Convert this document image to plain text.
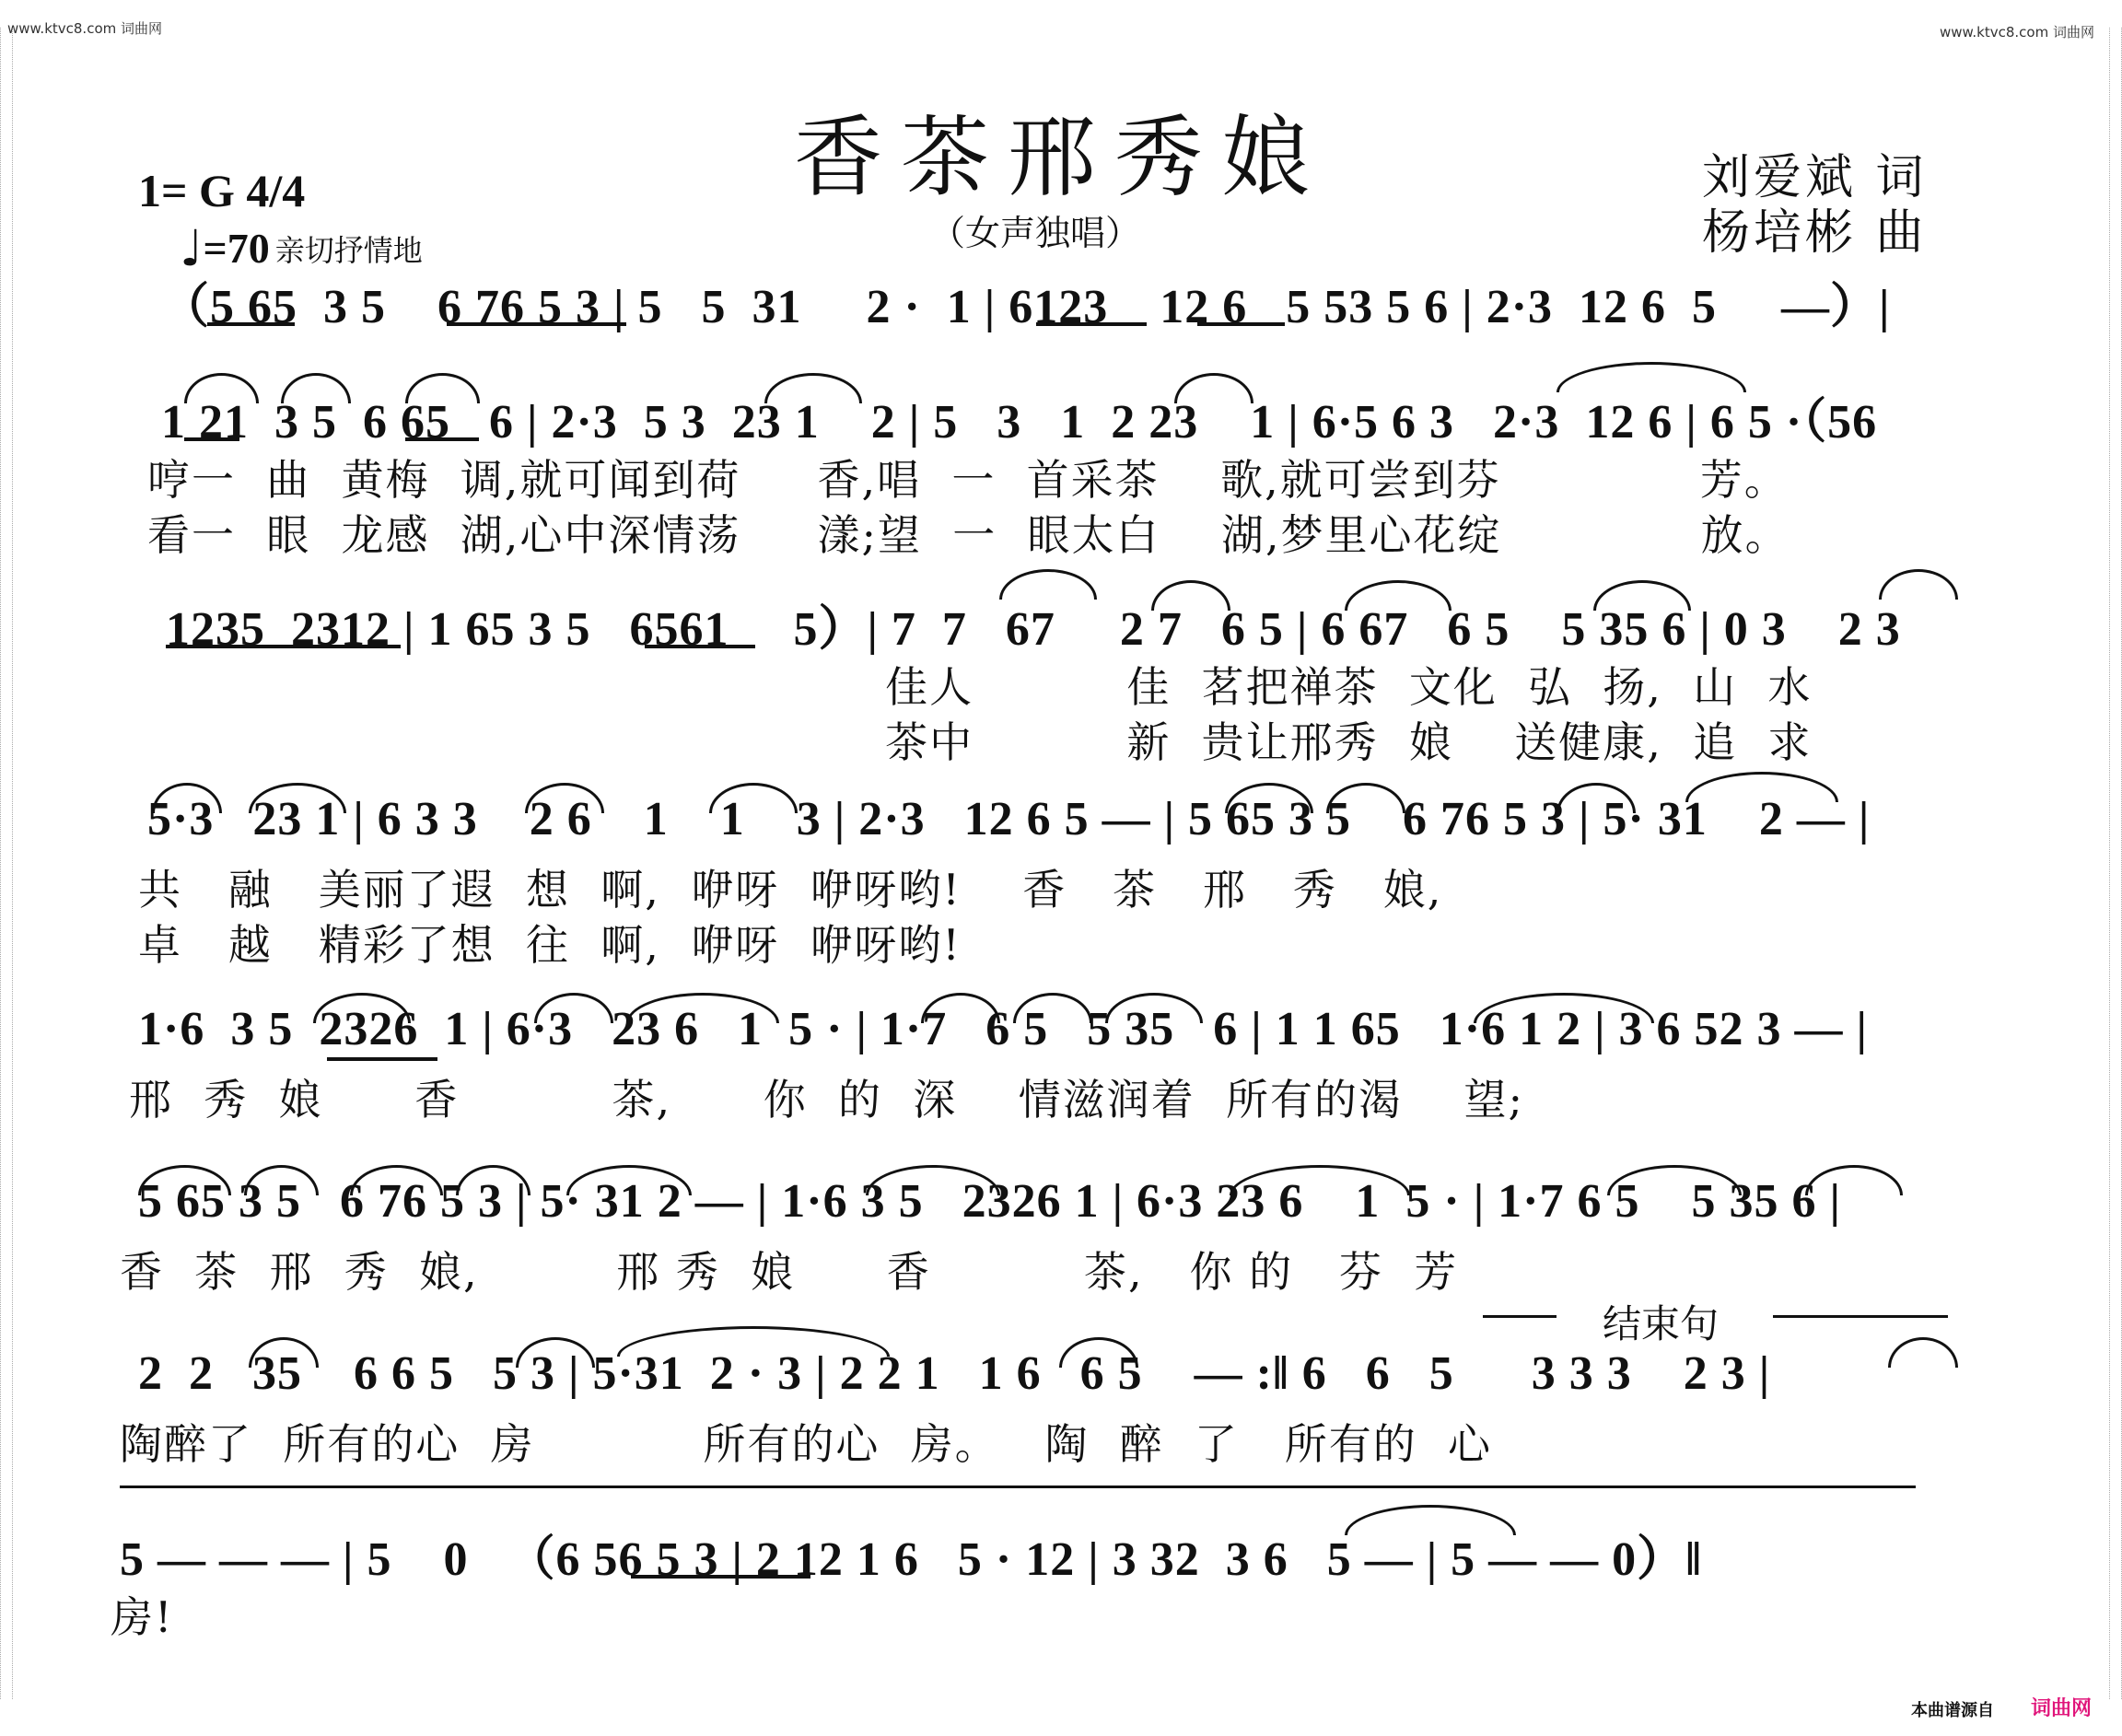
www.ktvc8.com 词曲网	www.ktvc8.com 词曲网
香茶邢秀娘
1= G 4/4
♩=70 亲切抒情地	（女声独唱）
刘爱斌 词
杨培彬 曲
（5 65  3 5    6 76 5 3 | 5   5  31     2 ·  1 | 6123    12 6   5 53 5 6 | 2·3  12 6  5     —）|
1 21  3 5  6 65   6 | 2·3  5 3  23 1    2 | 5   3   1  2 23    1 | 6·5 6 3   2·3  12 6 | 6 5 ·（56
哼一  曲  黄梅  调,就可闻到荷     香,唱  一  首采茶    歌,就可尝到芬             芳。
看一  眼  龙感  湖,心中深情荡     漾;望  一  眼太白    湖,梦里心花绽             放。
1235  2312 | 1 65 3 5   6561     5）| 7  7   67     2 7   6 5 | 6 67   6 5    5 35 6 | 0 3    2 3
佳人          佳  茗把禅茶  文化  弘  扬,  山  水
茶中          新  贵让邢秀  娘    送健康,  追  求
5·3   23 1 | 6 3 3    2 6    1    1    3 | 2·3   12 6 5 — | 5 65 3 5    6 76 5 3 | 5· 31    2 — |
共   融   美丽了遐  想  啊,  咿呀  咿呀哟!    香   茶   邢   秀   娘,
卓   越   精彩了想  往  啊,  咿呀  咿呀哟!
1·6  3 5  2326  1 | 6·3   23 6   1  5 · | 1·7   6 5   5 35   6 | 1 1 65   1·6 1 2 | 3 6 52 3 — |
邢  秀  娘      香          茶,      你  的  深    情滋润着  所有的渴    望;
5 65 3 5   6 76 5 3 | 5· 31 2 — | 1·6 3 5   2326 1 | 6·3 23 6    1  5 · | 1·7 6 5    5 35 6 |
香  茶  邢  秀  娘,         邢 秀  娘      香          茶,   你 的   芬  芳
结束句
2  2   35    6 6 5   5 3 | 5·31  2 · 3 | 2 2 1   1 6   6 5    — :‖ 6   6   5      3 3 3    2 3 |
陶醉了  所有的心  房           所有的心  房。   陶  醉  了   所有的  心
5 — — — | 5    0   （6 56 5 3 | 2 12 1 6   5 · 12 | 3 32  3 6   5 — | 5 — — 0）‖
房!
本曲谱源自 词曲网
